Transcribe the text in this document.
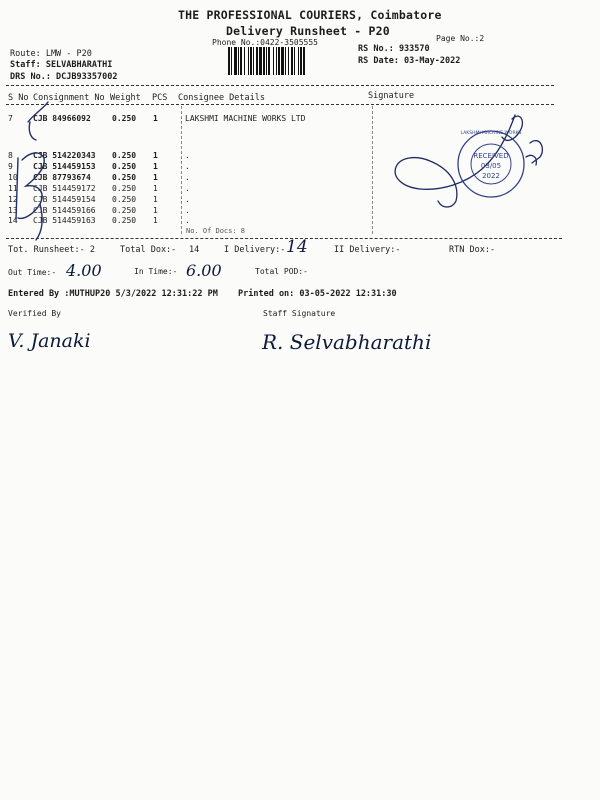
THE PROFESSIONAL COURIERS, Coimbatore
Delivery Runsheet - P20
Phone No.:0422-3505555	Page No.:2
Route: LMW - P20
Staff: SELVABHARATHI
DRS No.: DCJB93357002
RS No.: 933570
RS Date: 03-May-2022
S No Consignment No Weight PCS Consignee Details	Signature
7	CJB 84966092	0.250 1	LAKSHMI MACHINE WORKS LTD
8	CJB 514220343 0.250 1	.
9	CJB 514459153 0.250 1	.
10 CJB 87793674	0.250 1	.
11 CJB 514459172 0.250 1	.
12 CJB 514459154 0.250 1	.
13 CJB 514459166 0.250 1	.
14 CJB 514459163 0.250 1	.
No. Of Docs: 8
LAKSHMI MACHINE WORKS
RECEIVED
03/05
2022
Tot. Runsheet:- 2	Total Dox:- 14	I Delivery:- 14	II Delivery:-	RTN Dox:-
Out Time:- 4.00	In Time:- 6.00	Total POD:-
Entered By :MUTHUP20 5/3/2022 12:31:22 PM Printed on: 03-05-2022 12:31:30
Verified By	Staff Signature
V. Janaki	R. Selvabharathi
